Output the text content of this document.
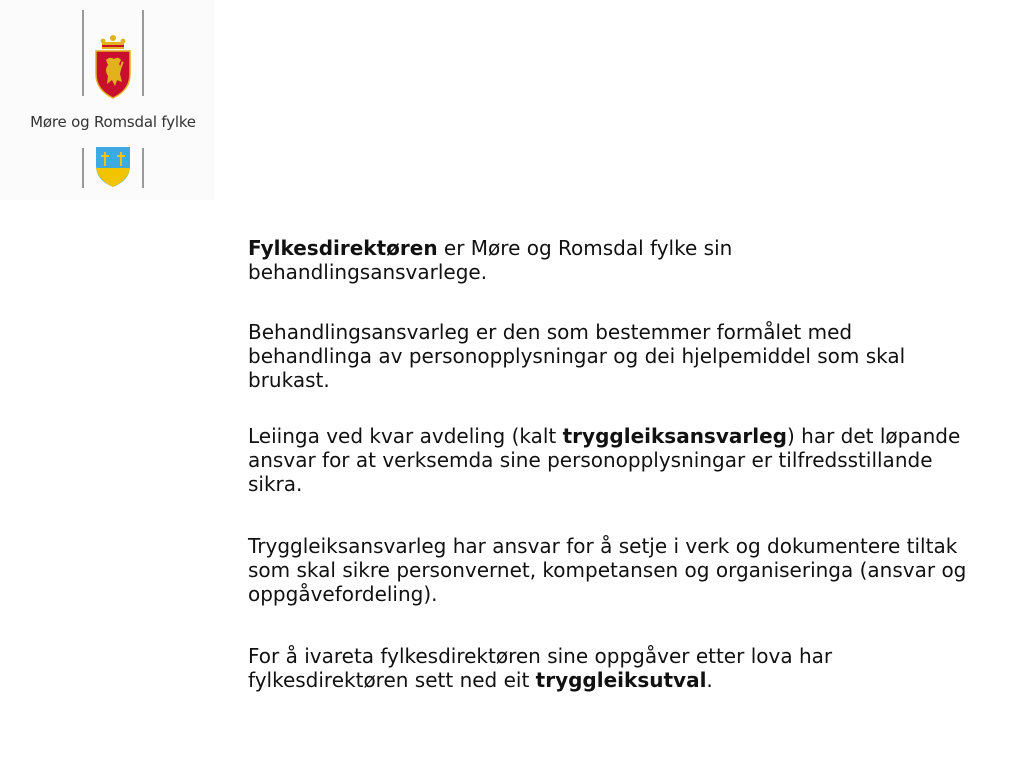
Møre og Romsdal fylke

Fylkesdirektøren er Møre og Romsdal fylke sin behandlingsansvarlege.

Behandlingsansvarleg er den som bestemmer formålet med behandlinga av personopplysningar og dei hjelpemiddel som skal brukast.

Leiinga ved kvar avdeling (kalt tryggleiksansvarleg) har det løpande ansvar for at verksemda sine personopplysningar er tilfredsstillande sikra.

Tryggleiksansvarleg har ansvar for å setje i verk og dokumentere tiltak som skal sikre personvernet, kompetansen og organiseringa (ansvar og oppgåvefordeling).

For å ivareta fylkesdirektøren sine oppgåver etter lova har fylkesdirektøren sett ned eit tryggleiksutval.
